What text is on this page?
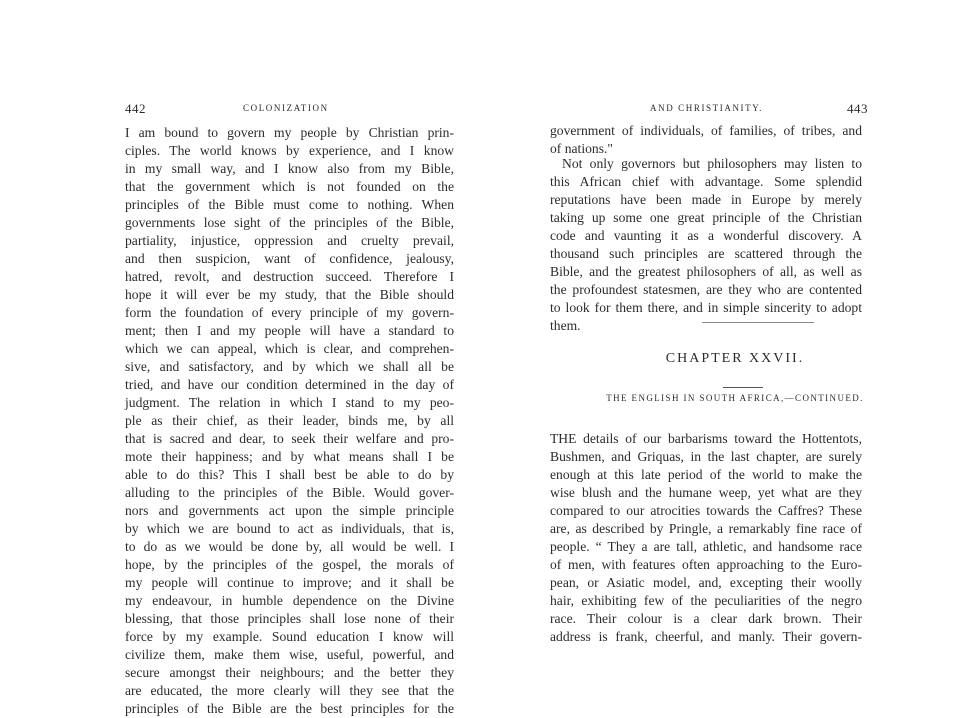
442	COLONIZATION
I am bound to govern my people by Christian prin-
ciples. The world knows by experience, and I know
in my small way, and I know also from my Bible,
that the government which is not founded on the
principles of the Bible must come to nothing. When
governments lose sight of the principles of the Bible,
partiality, injustice, oppression and cruelty prevail,
and then suspicion, want of confidence, jealousy,
hatred, revolt, and destruction succeed. Therefore I
hope it will ever be my study, that the Bible should
form the foundation of every principle of my govern-
ment; then I and my people will have a standard to
which we can appeal, which is clear, and comprehen-
sive, and satisfactory, and by which we shall all be
tried, and have our condition determined in the day of
judgment. The relation in which I stand to my peo-
ple as their chief, as their leader, binds me, by all
that is sacred and dear, to seek their welfare and pro-
mote their happiness; and by what means shall I be
able to do this? This I shall best be able to do by
alluding to the principles of the Bible. Would gover-
nors and governments act upon the simple principle
by which we are bound to act as individuals, that is,
to do as we would be done by, all would be well. I
hope, by the principles of the gospel, the morals of
my people will continue to improve; and it shall be
my endeavour, in humble dependence on the Divine
blessing, that those principles shall lose none of their
force by my example. Sound education I know will
civilize them, make them wise, useful, powerful, and
secure amongst their neighbours; and the better they
are educated, the more clearly will they see that the
principles of the Bible are the best principles for the
AND CHRISTIANITY.	443
government of individuals, of families, of tribes, and
of nations."
Not only governors but philosophers may listen to
this African chief with advantage. Some splendid
reputations have been made in Europe by merely
taking up some one great principle of the Christian
code and vaunting it as a wonderful discovery. A
thousand such principles are scattered through the
Bible, and the greatest philosophers of all, as well as
the profoundest statesmen, are they who are contented
to look for them there, and in simple sincerity to adopt
them.
CHAPTER XXVII.
THE ENGLISH IN SOUTH AFRICA,—CONTINUED.
THE details of our barbarisms toward the Hottentots,
Bushmen, and Griquas, in the last chapter, are surely
enough at this late period of the world to make the
wise blush and the humane weep, yet what are they
compared to our atrocities towards the Caffres? These
are, as described by Pringle, a remarkably fine race of
people. “ They a are tall, athletic, and handsome race
of men, with features often approaching to the Euro-
pean, or Asiatic model, and, excepting their woolly
hair, exhibiting few of the peculiarities of the negro
race. Their colour is a clear dark brown. Their
address is frank, cheerful, and manly. Their govern-
